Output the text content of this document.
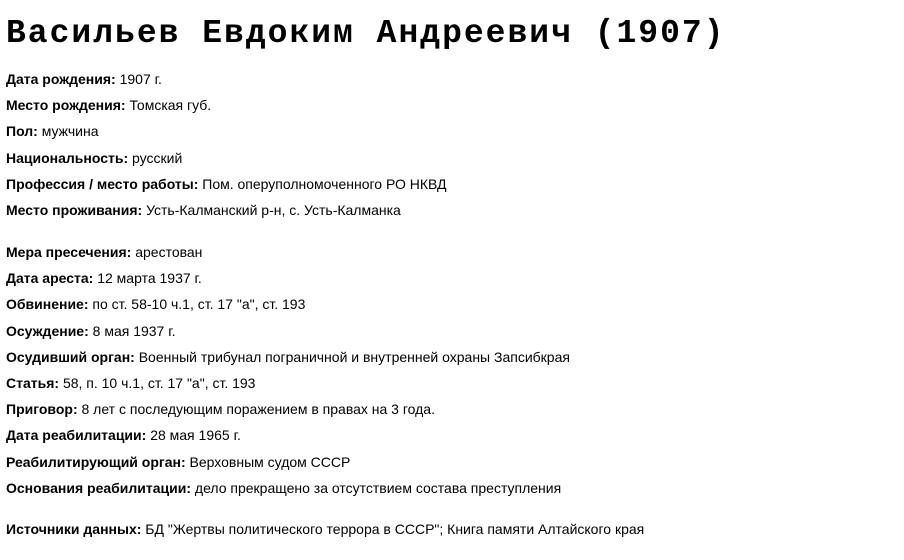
Васильев Евдоким Андреевич (1907)
Дата рождения: 1907 г.
Место рождения: Томская губ.
Пол: мужчина
Национальность: русский
Профессия / место работы: Пом. оперуполномоченного РО НКВД
Место проживания: Усть-Калманский р-н, с. Усть-Калманка
Мера пресечения: арестован
Дата ареста: 12 марта 1937 г.
Обвинение: по ст. 58-10 ч.1, ст. 17 "а", ст. 193
Осуждение: 8 мая 1937 г.
Осудивший орган: Военный трибунал пограничной и внутренней охраны Запсибкрая
Статья: 58, п. 10 ч.1, ст. 17 "а", ст. 193
Приговор: 8 лет с последующим поражением в правах на 3 года.
Дата реабилитации: 28 мая 1965 г.
Реабилитирующий орган: Верховным судом СССР
Основания реабилитации: дело прекращено за отсутствием состава преступления
Источники данных: БД "Жертвы политического террора в СССР"; Книга памяти Алтайского края
